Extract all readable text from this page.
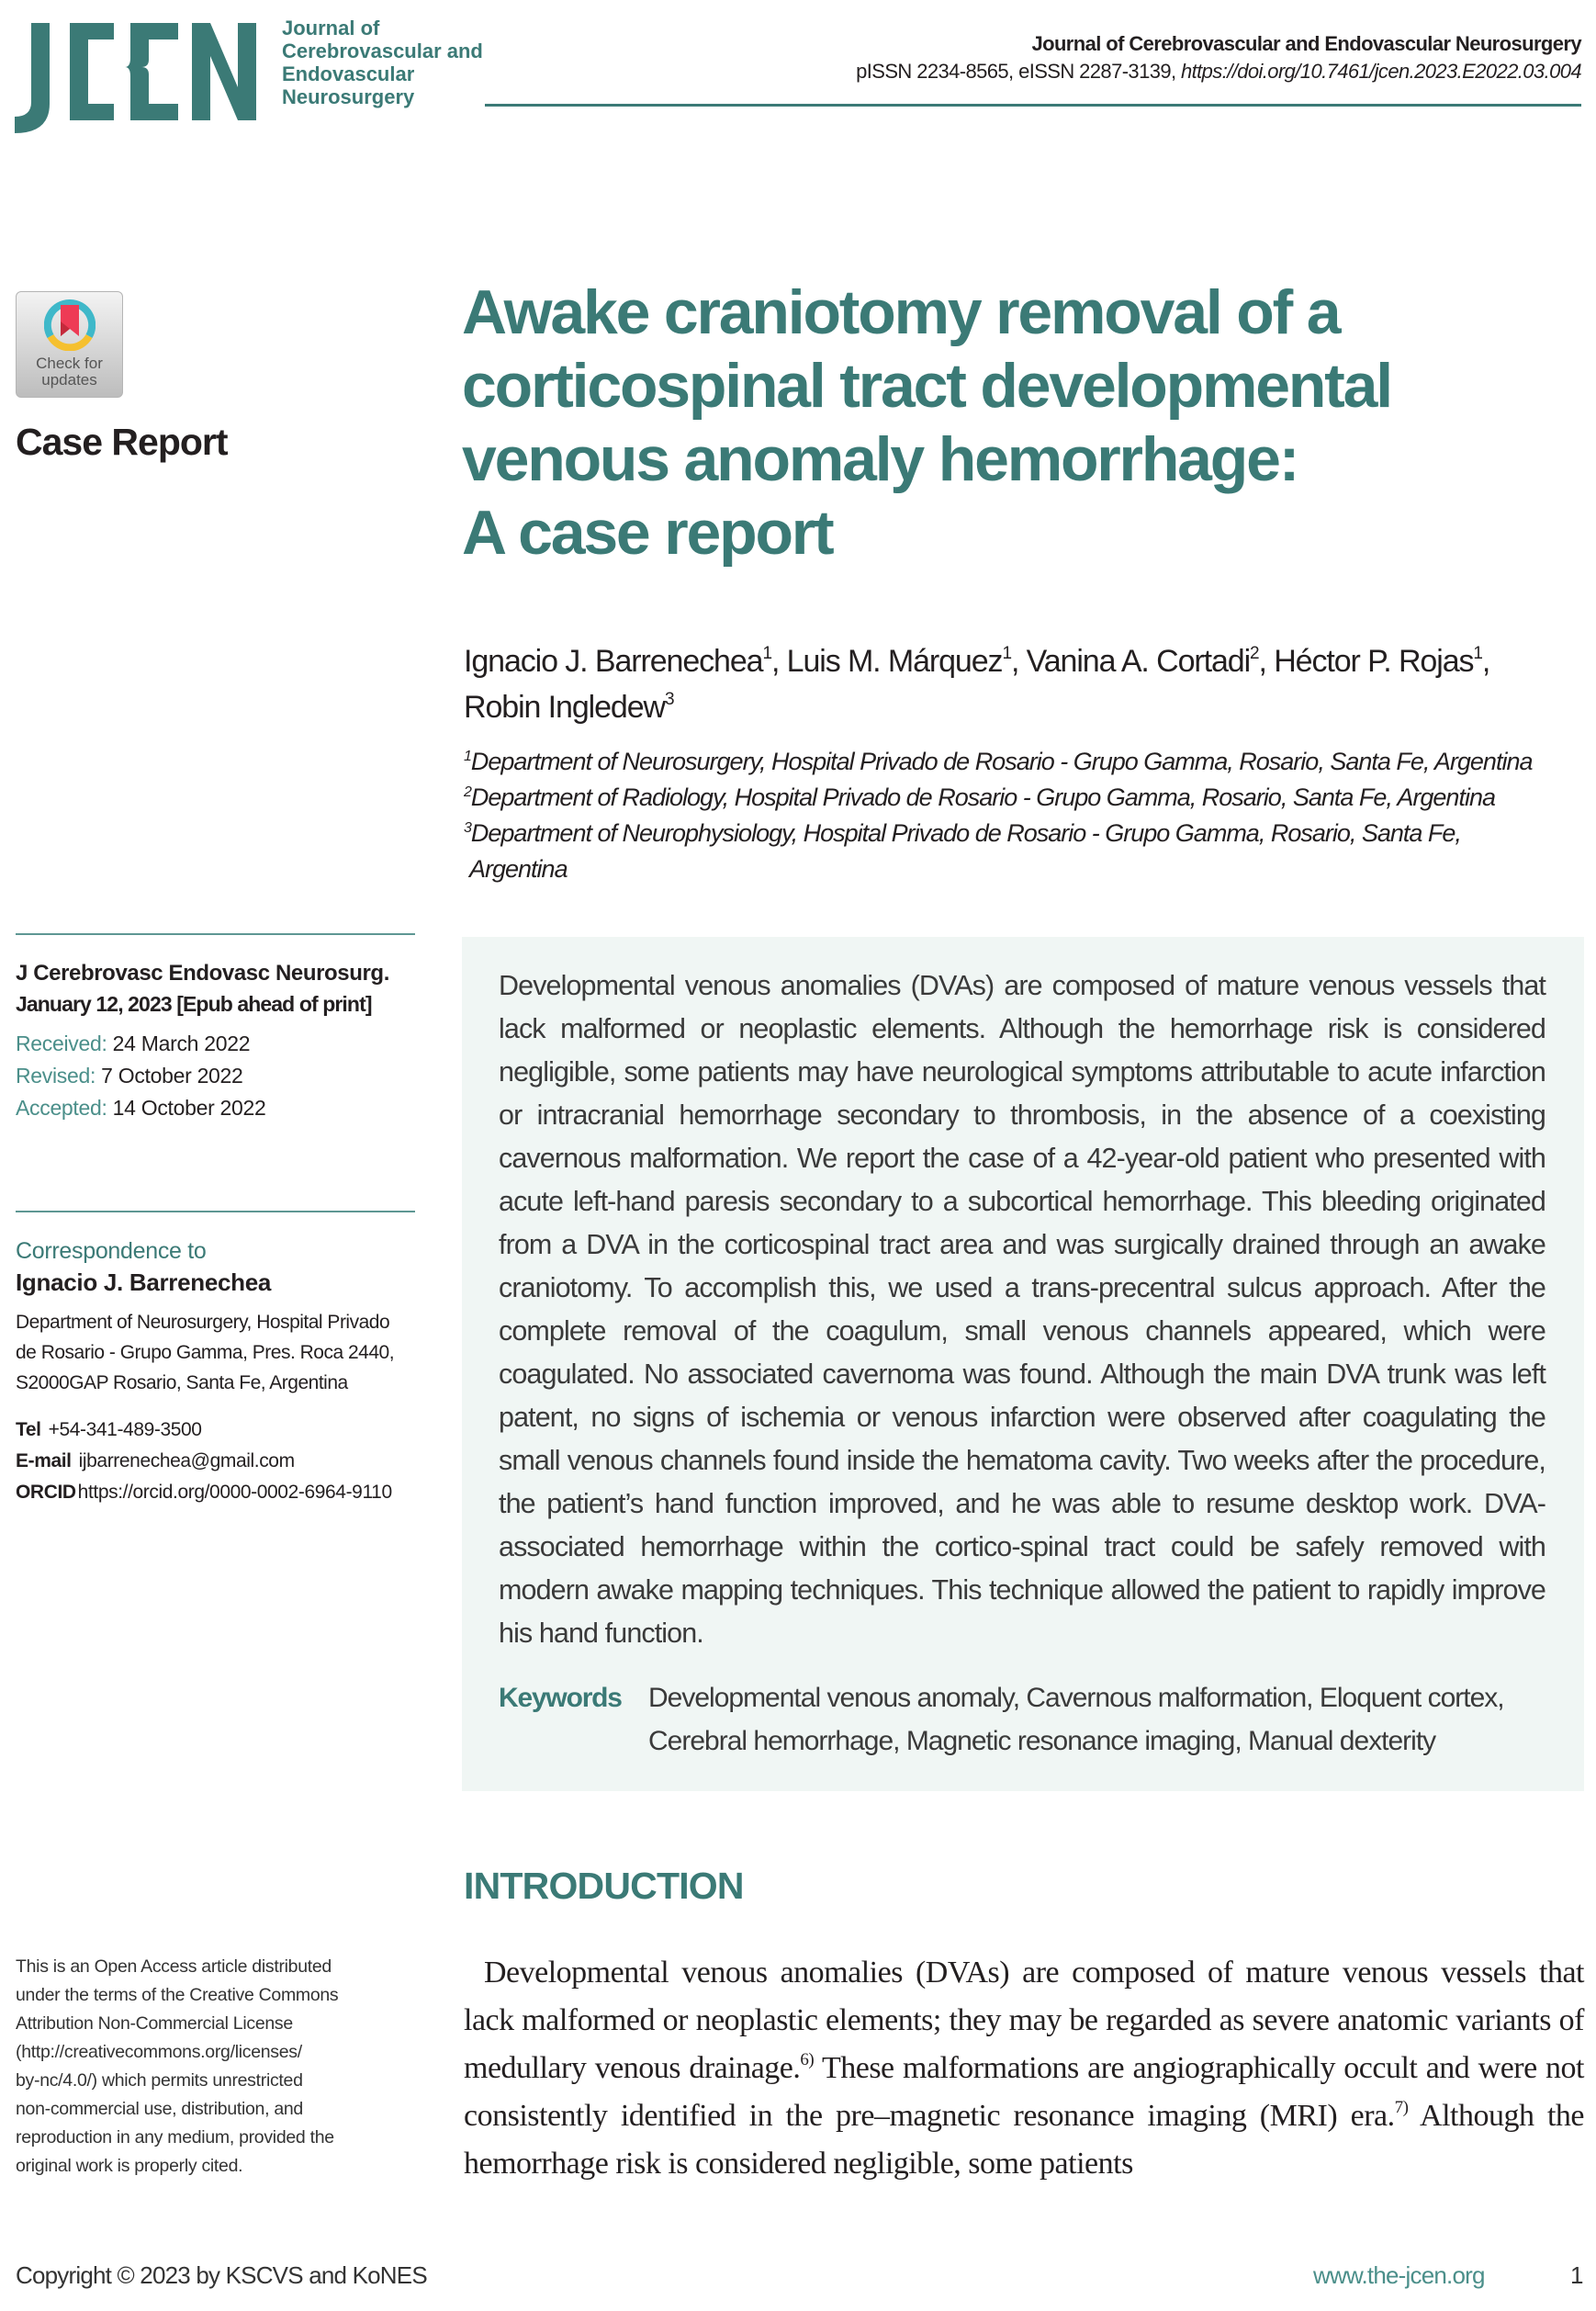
Journal of
Cerebrovascular and
Endovascular
Neurosurgery
Journal of Cerebrovascular and Endovascular Neurosurgery
pISSN 2234-8565, eISSN 2287-3139, https://doi.org/10.7461/jcen.2023.E2022.03.004
Check for
updates
Case Report
Awake craniotomy removal of a
corticospinal tract developmental
venous anomaly hemorrhage:
A case report
Ignacio J. Barrenechea$^1$, Luis M. Márquez$^1$, Vanina A. Cortadi$^2$, Héctor P. Rojas$^1$,
Robin Ingledew$^3$
$^1$Department of Neurosurgery, Hospital Privado de Rosario - Grupo Gamma, Rosario, Santa Fe, Argentina
$^2$Department of Radiology, Hospital Privado de Rosario - Grupo Gamma, Rosario, Santa Fe, Argentina
$^3$Department of Neurophysiology, Hospital Privado de Rosario - Grupo Gamma, Rosario, Santa Fe,
Argentina
J Cerebrovasc Endovasc Neurosurg.
January 12, 2023 [Epub ahead of print]
Received: 24 March 2022
Revised: 7 October 2022
Accepted: 14 October 2022
Correspondence to
Ignacio J. Barrenechea
Department of Neurosurgery, Hospital Privado
de Rosario - Grupo Gamma, Pres. Roca 2440,
S2000GAP Rosario, Santa Fe, Argentina
Tel +54-341-489-3500
E-mail ijbarrenechea@gmail.com
ORCIDhttps://orcid.org/0000-0002-6964-9110
This is an Open Access article distributed
under the terms of the Creative Commons
Attribution Non-Commercial License
(http://creativecommons.org/licenses/
by-nc/4.0/) which permits unrestricted
non-commercial use, distribution, and
reproduction in any medium, provided the
original work is properly cited.

Developmental venous anomalies (DVAs) are composed of mature venous vessels that lack malformed or neoplastic elements. Although the hemorrhage risk is considered negligible, some patients may have neurological symptoms attributable to acute infarction or intracranial hemorrhage secondary to thrombosis, in the absence of a coexisting cavernous malformation. We report the case of a 42-year-old patient who presented with acute left-hand paresis secondary to a subcortical hemorrhage. This bleeding originated from a DVA in the corticospinal tract area and was surgically drained through an awake craniotomy. To accomplish this, we used a trans-precentral sulcus approach. After the complete removal of the coagulum, small venous channels appeared, which were coagulated. No associated cavernoma was found. Although the main DVA trunk was left patent, no signs of ischemia or venous infarction were observed after coagulating the small venous channels found inside the hematoma cavity. Two weeks after the procedure, the patient’s hand function improved, and he was able to resume desktop work. DVA-associated hemorrhage within the cortico-spinal tract could be safely removed with modern awake mapping techniques. This technique allowed the patient to rapidly improve his hand function.

Keywords Developmental venous anomaly, Cavernous malformation, Eloquent cortex, Cerebral hemorrhage, Magnetic resonance imaging, Manual dexterity
INTRODUCTION

Developmental venous anomalies (DVAs) are composed of mature venous vessels that lack malformed or neoplastic elements; they may be regarded as severe anatomic variants of medullary venous drainage.$^{6)}$ These malformations are angiographically occult and were not consistently identified in the pre–magnetic resonance imaging (MRI) era.$^{7)}$ Although the hemorrhage risk is considered negligible, some patients

Copyright © 2023 by KSCVS and KoNES	www.the-jcen.org	1
